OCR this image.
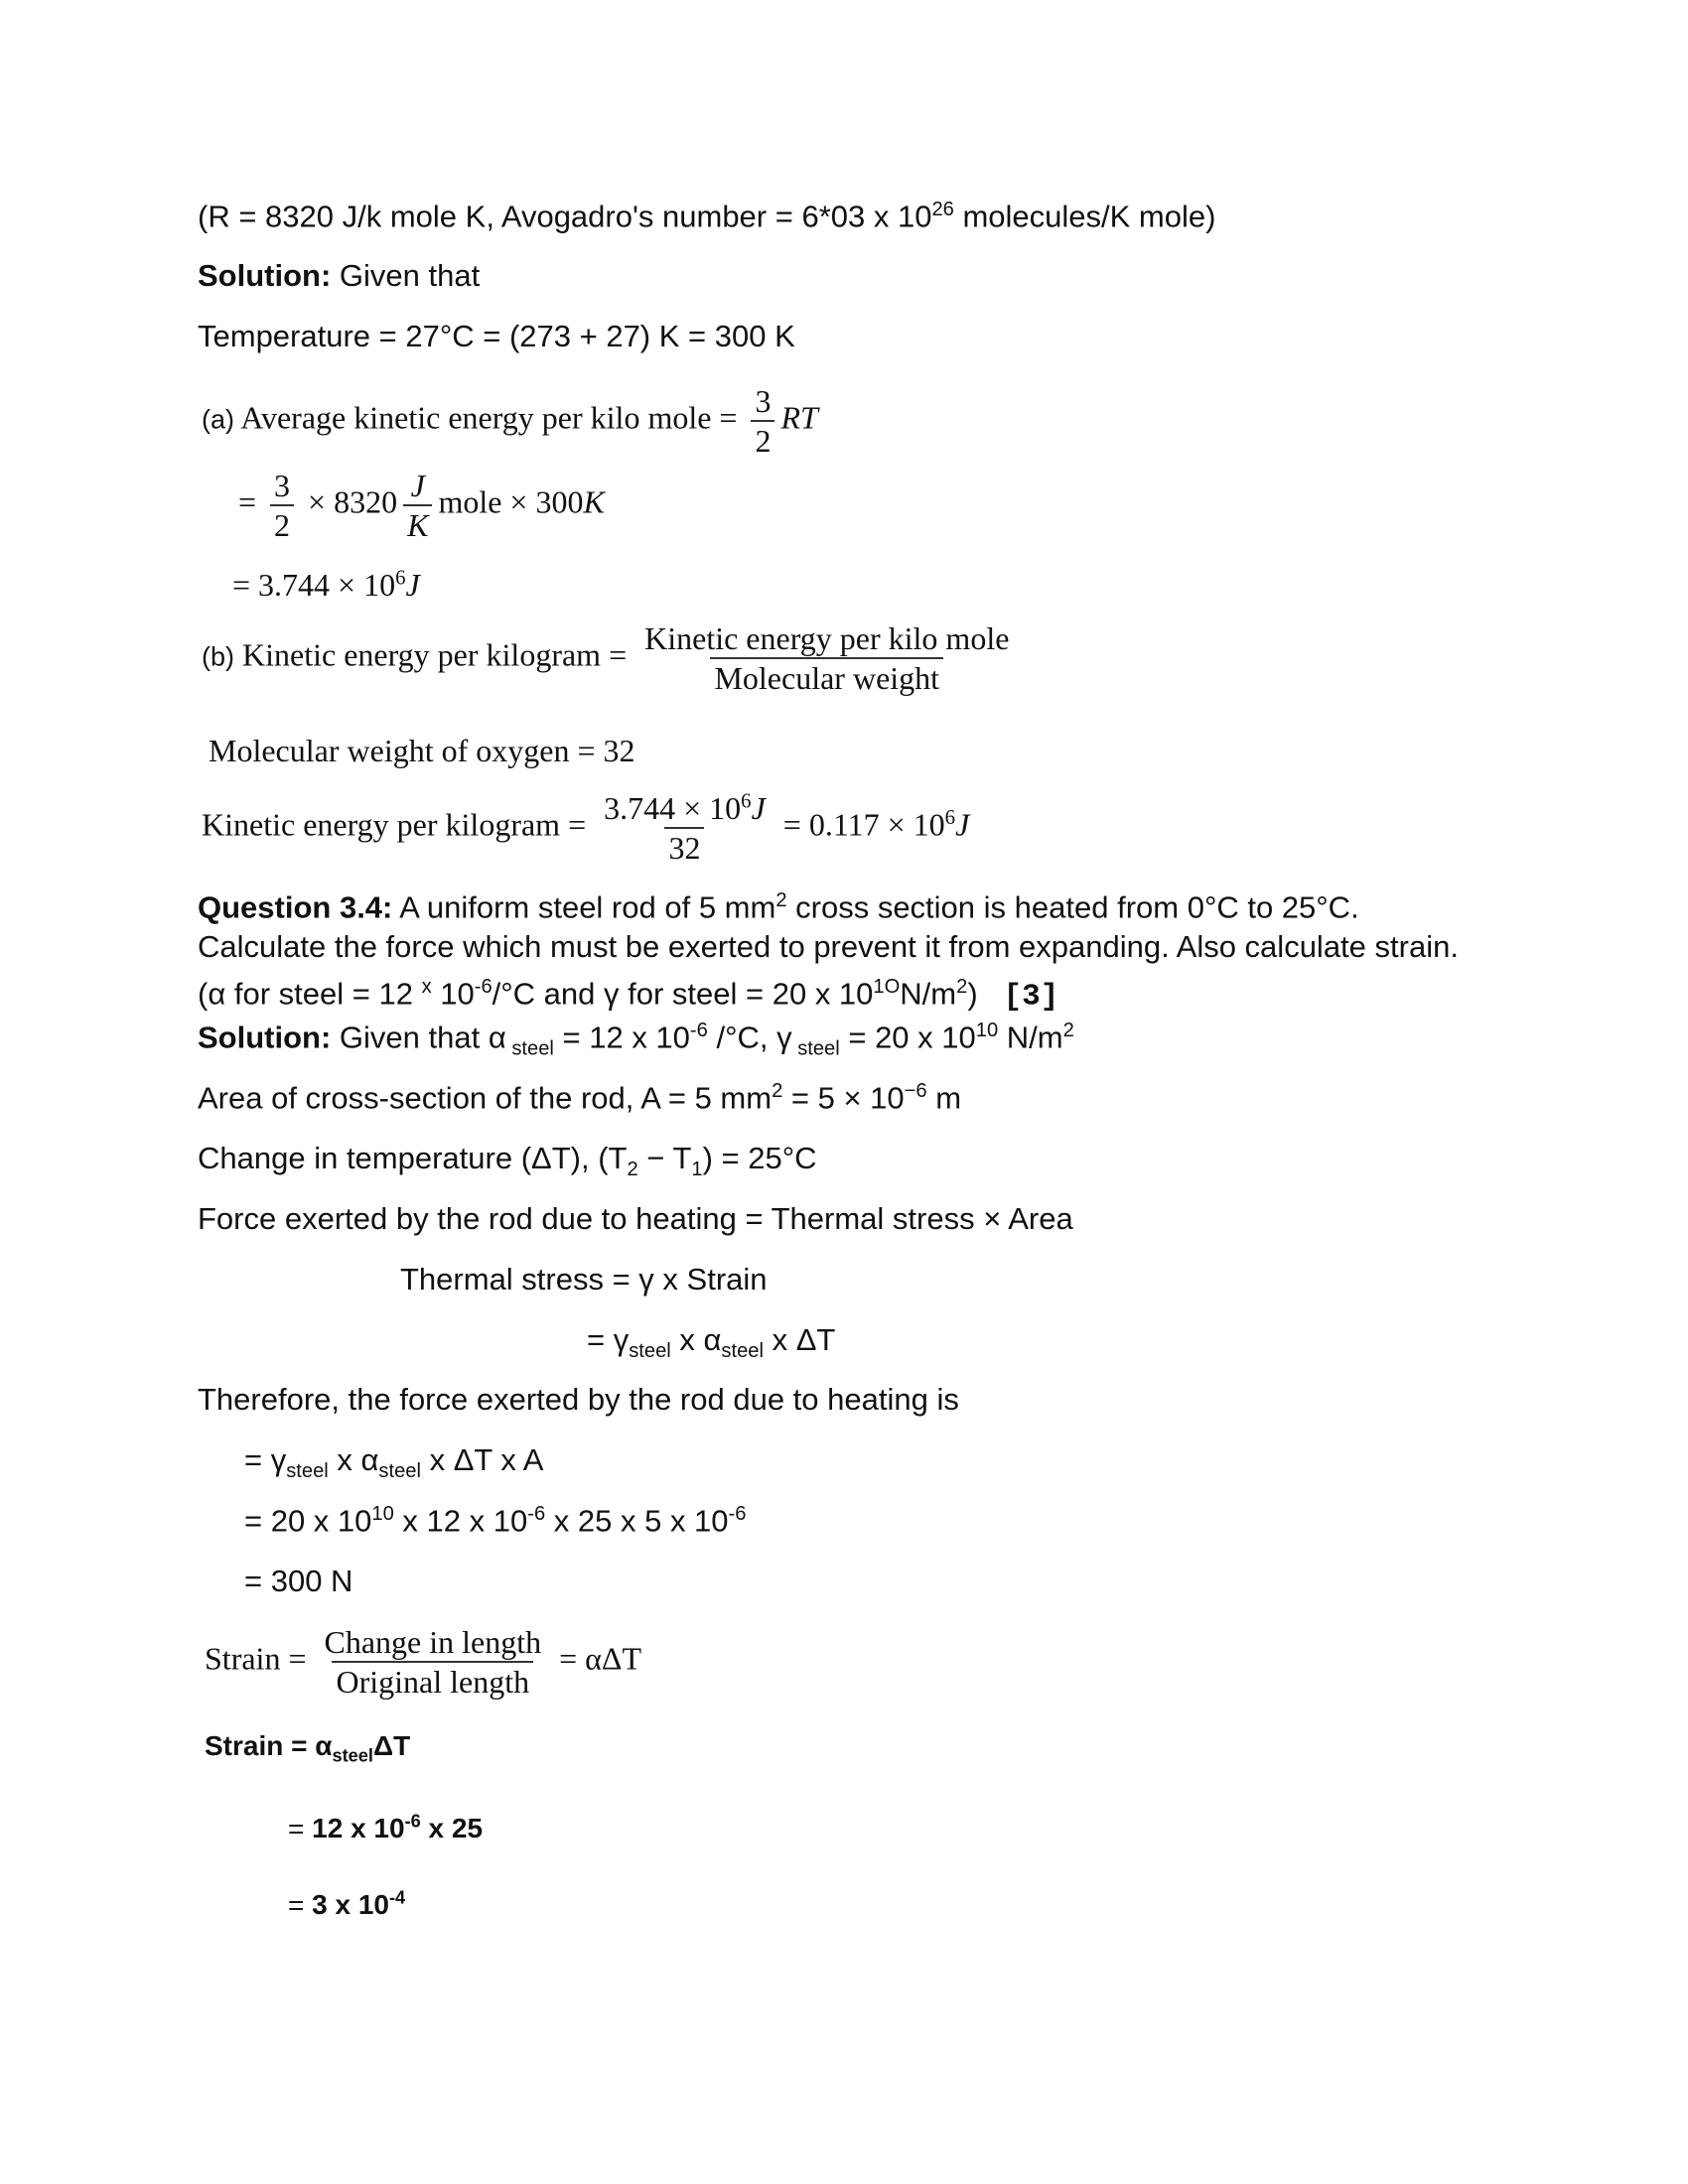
(R = 8320 J/k mole K, Avogadro's number = 6*03 x $10^{26}$ molecules/K mole)
Solution: Given that
Temperature = 27°C = (273 + 27) K = 300 K
(a) Average kinetic energy per kilo mole = $\frac{3}{2}$ RT
= $\frac{3}{2} \times 8320 \frac{J}{K}$ mole × 300K
= $3.744 \times 10^6J$
(b) Kinetic energy per kilogram = $\frac{\text{Kinetic energy per kilo mole}}{\text{Molecular weight}}$
Molecular weight of oxygen = 32
Kinetic energy per kilogram = $\frac{3.744 \times 10^6J}{32} = 0.117 \times 10^6J$
Question 3.4: A uniform steel rod of 5 $mm^2$ cross section is heated from 0°C to 25°C. Calculate the force which must be exerted to prevent it from expanding. Also calculate strain. (α for steel = 12 $^x$ $10^{-6}/^\circ C$ and γ for steel = 20 x $10^{1O}N/m^2$) [3]
Solution: Given that α $_{steel}$ = 12 x $10^{-6}$ /°C, γ $_{steel}$ = 20 x $10^{10}$ $N/m^2$
Area of cross-section of the rod, A = 5 $mm^2 = 5 \times 10^{-6}$ m
Change in temperature (ΔT), $(T_2 - T_1) = 25^\circ C$
Force exerted by the rod due to heating = Thermal stress × Area
Thermal stress = γ x Strain
= $\gamma_{steel}$ x $\alpha_{steel}$ x ΔT
Therefore, the force exerted by the rod due to heating is
= $\gamma_{steel}$ x $\alpha_{steel}$ x ΔT x A
= 20 x $10^{10}$ x 12 x $10^{-6}$ x 25 x 5 x $10^{-6}$
= 300 N
Strain = $\frac{\text{Change in length}}{\text{Original length}} = \alpha\Delta T$
Strain = $\alpha_{steel}\Delta T$
= 12 x $10^{-6}$ x 25
= 3 x $10^{-4}$
